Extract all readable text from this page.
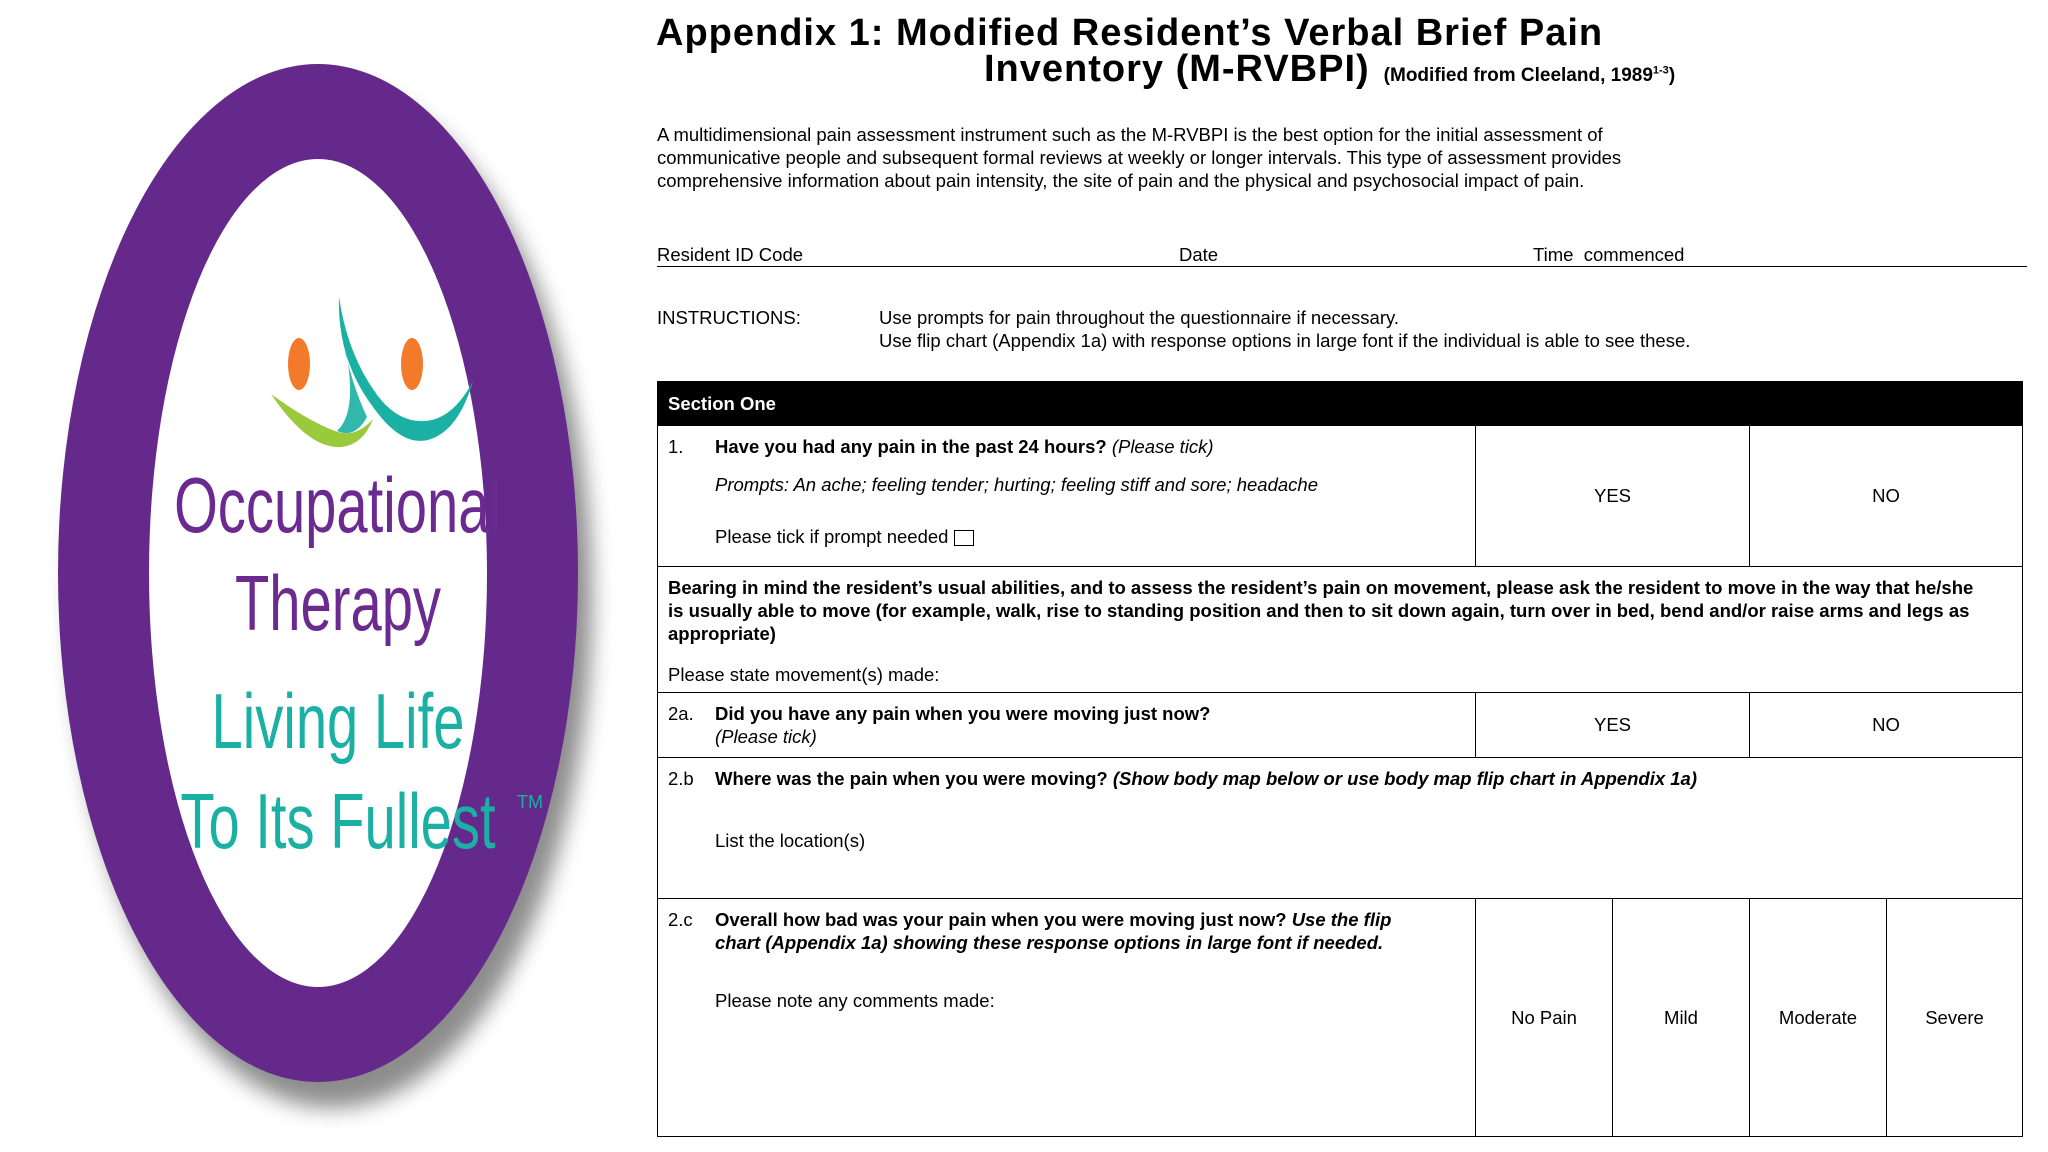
Occupational
Therapy
Living Life
To Its Fullest	TM
Appendix 1: Modified Resident’s Verbal Brief Pain
Inventory (M-RVBPI) (Modified from Cleeland, 1989$^{1-3}$)
A multidimensional pain assessment instrument such as the M-RVBPI is the best option for the initial assessment of
communicative people and subsequent formal reviews at weekly or longer intervals. This type of assessment provides
comprehensive information about pain intensity, the site of pain and the physical and psychosocial impact of pain.
Resident ID Code	Date	Time  commenced
INSTRUCTIONS:	Use prompts for pain throughout the questionnaire if necessary.
Use flip chart (Appendix 1a) with response options in large font if the individual is able to see these.
Section One
1. Have you had any pain in the past 24 hours? (Please tick)
Prompts: An ache; feeling tender; hurting; feeling stiff and sore; headache
Please tick if prompt needed
YES	NO
Bearing in mind the resident’s usual abilities, and to assess the resident’s pain on movement, please ask the resident to move in the way that he/she is usually able to move (for example, walk, rise to standing position and then to sit down again, turn over in bed, bend and/or raise arms and legs as appropriate)
Please state movement(s) made:
2a. Did you have any pain when you were moving just now?
(Please tick)
YES	NO
2.b Where was the pain when you were moving? (Show body map below or use body map flip chart in Appendix 1a)
List the location(s)
2.c Overall how bad was your pain when you were moving just now? Use the flip chart (Appendix 1a) showing these response options in large font if needed.
Please note any comments made:
No Pain	Mild	Moderate	Severe
